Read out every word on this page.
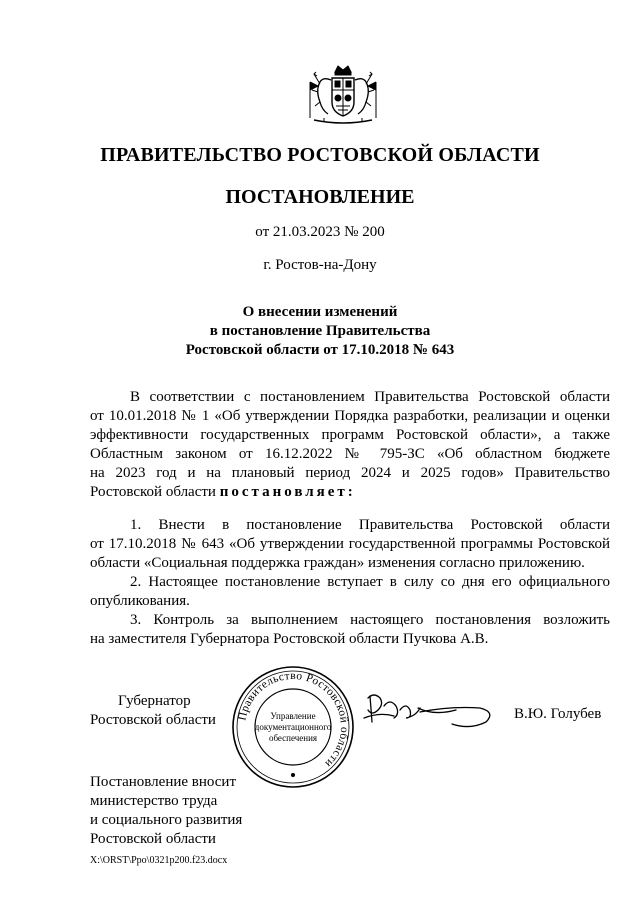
ПРАВИТЕЛЬСТВО РОСТОВСКОЙ ОБЛАСТИ
ПОСТАНОВЛЕНИЕ
от 21.03.2023 № 200
г. Ростов-на-Дону
О внесении изменений
в постановление Правительства
Ростовской области от 17.10.2018 № 643
В соответствии с постановлением Правительства Ростовской области
от 10.01.2018 № 1 «Об утверждении Порядка разработки, реализации и оценки
эффективности государственных программ Ростовской области», а также
Областным законом от 16.12.2022 № 795-ЗС «Об областном бюджете
на 2023 год и на плановый период 2024 и 2025 годов» Правительство
Ростовской области постановляет:
1. Внести в постановление Правительства Ростовской области
от 17.10.2018 № 643 «Об утверждении государственной программы Ростовской
области «Социальная поддержка граждан» изменения согласно приложению.
2. Настоящее постановление вступает в силу со дня его официального
опубликования.
3. Контроль за выполнением настоящего постановления возложить
на заместителя Губернатора Ростовской области Пучкова А.В.
Губернатор
Ростовской области Правительство Ростовской области
Управление
документационного
обеспечения
В.Ю. Голубев
Постановление вносит
министерство труда
и социального развития
Ростовской области
X:\ORST\Ppo\0321p200.f23.docx
